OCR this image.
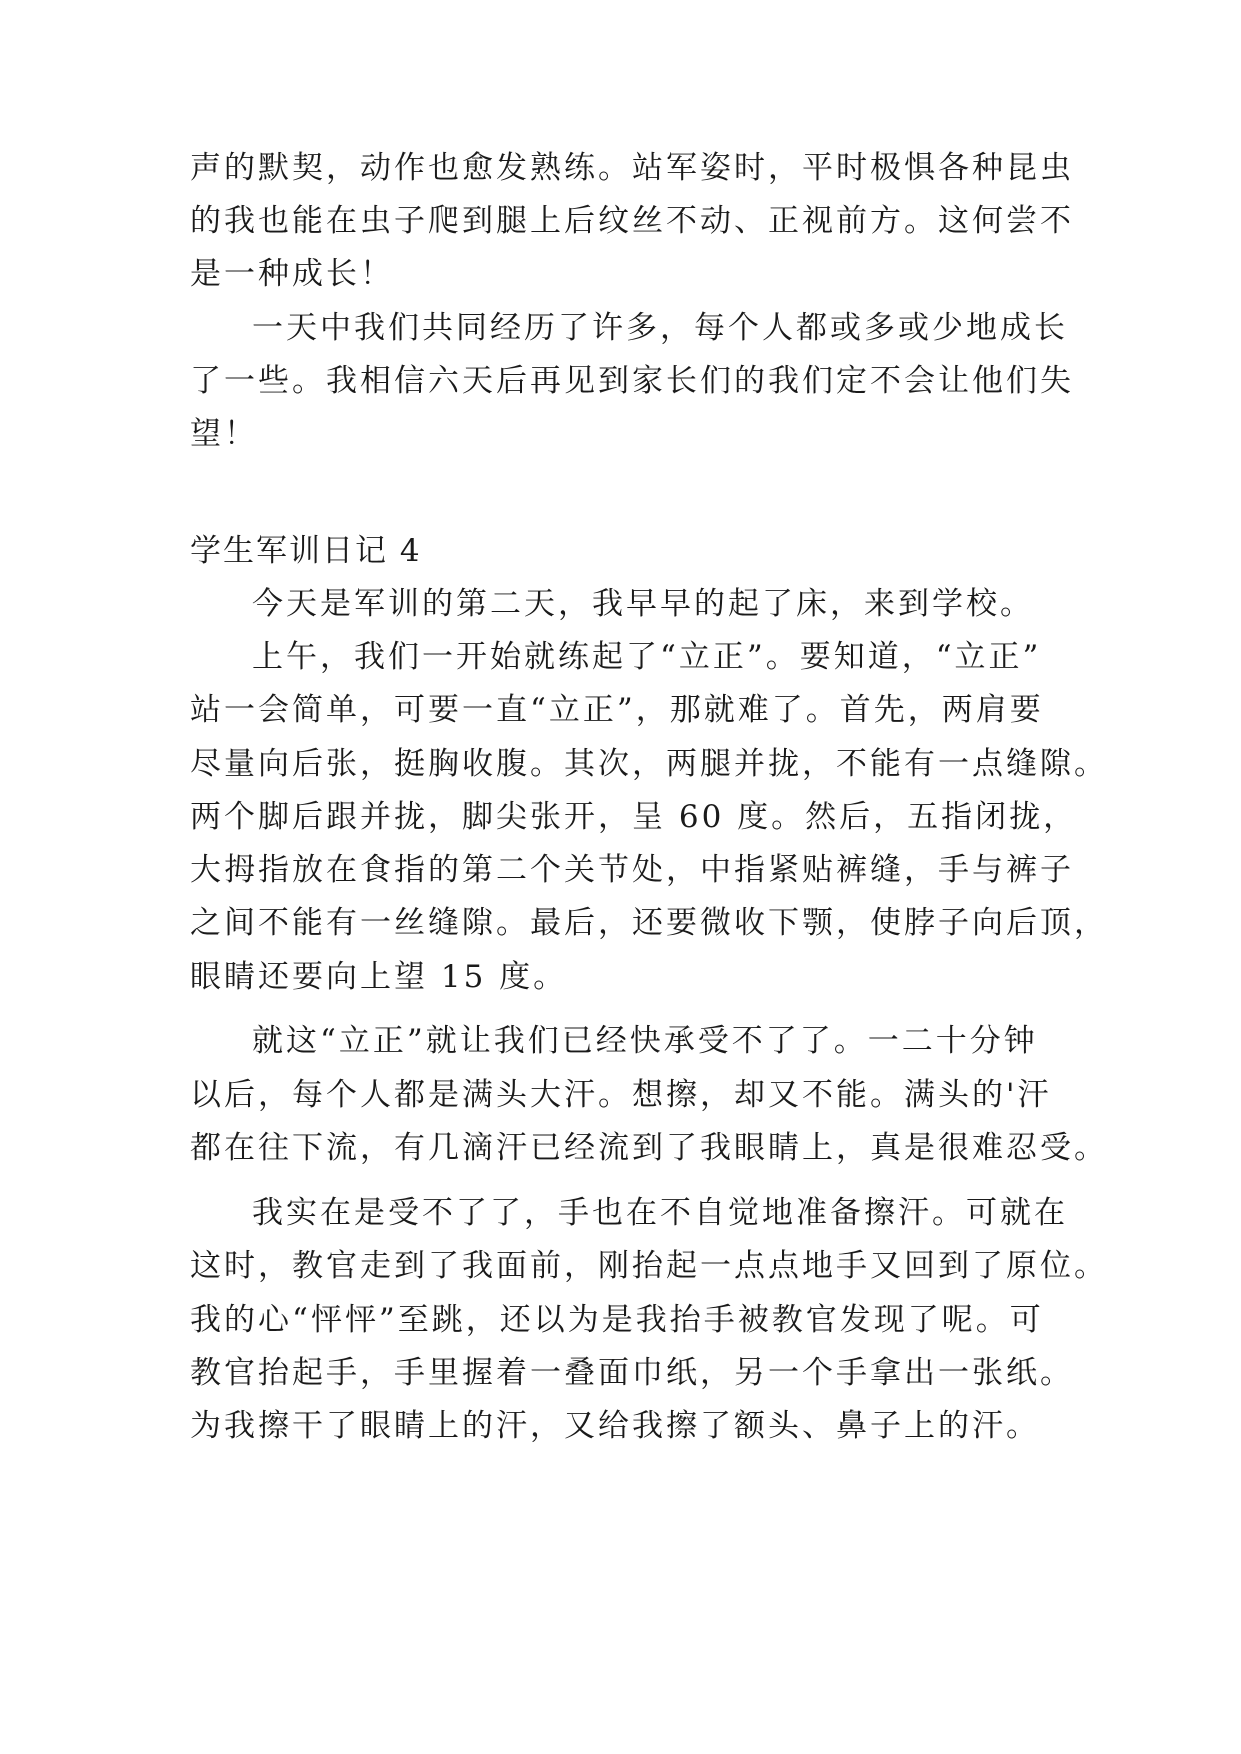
声的默契，动作也愈发熟练。站军姿时，平时极惧各种昆虫
的我也能在虫子爬到腿上后纹丝不动、正视前方。这何尝不
是一种成长！
一天中我们共同经历了许多，每个人都或多或少地成长
了一些。我相信六天后再见到家长们的我们定不会让他们失
望！
学生军训日记 4
今天是军训的第二天，我早早的起了床，来到学校。
上午，我们一开始就练起了“立正”。要知道，“立正”
站一会简单，可要一直“立正”，那就难了。首先，两肩要
尽量向后张，挺胸收腹。其次，两腿并拢，不能有一点缝隙。
两个脚后跟并拢，脚尖张开，呈 60 度。然后，五指闭拢，
大拇指放在食指的第二个关节处，中指紧贴裤缝，手与裤子
之间不能有一丝缝隙。最后，还要微收下颚，使脖子向后顶，
眼睛还要向上望 15 度。
就这“立正”就让我们已经快承受不了了。一二十分钟
以后，每个人都是满头大汗。想擦，却又不能。满头的'汗
都在往下流，有几滴汗已经流到了我眼睛上，真是很难忍受。
我实在是受不了了，手也在不自觉地准备擦汗。可就在
这时，教官走到了我面前，刚抬起一点点地手又回到了原位。
我的心“怦怦”至跳，还以为是我抬手被教官发现了呢。可
教官抬起手，手里握着一叠面巾纸，另一个手拿出一张纸。
为我擦干了眼睛上的汗，又给我擦了额头、鼻子上的汗。
